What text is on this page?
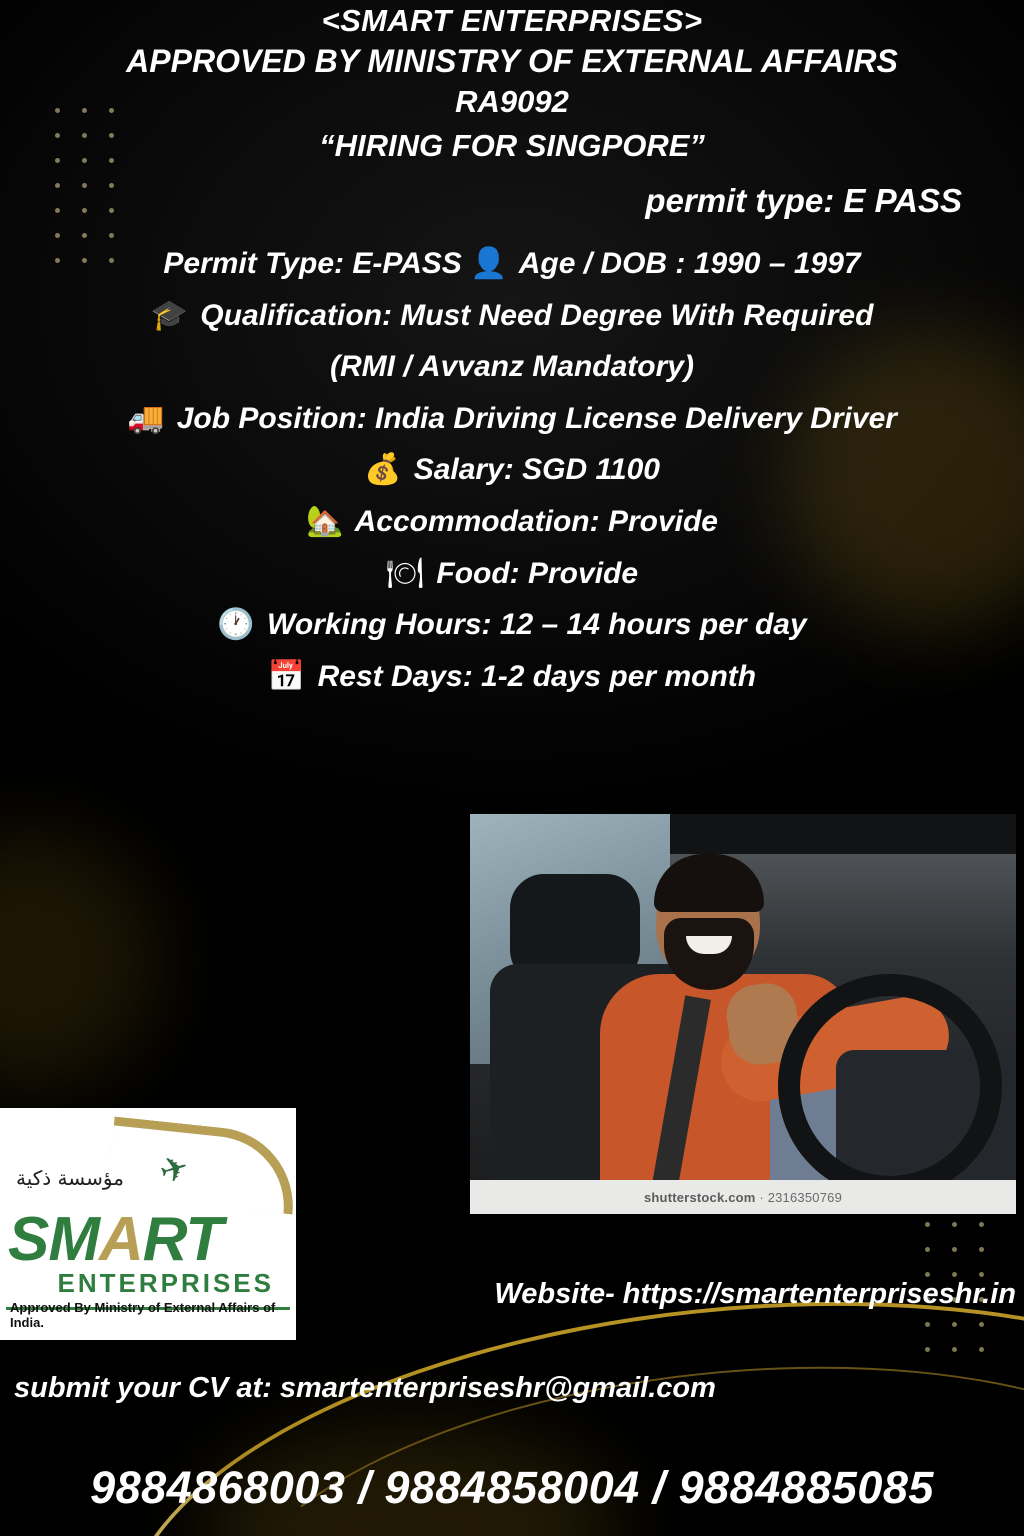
<SMART ENTERPRISES>
APPROVED BY MINISTRY OF EXTERNAL AFFAIRS
RA9092
“HIRING FOR SINGPORE”
permit type: E PASS
Permit Type: E-PASS 👤 Age / DOB : 1990 – 1997
🎓 Qualification: Must Need Degree With Required
(RMI / Avvanz Mandatory)
🚚 Job Position: India Driving License Delivery Driver
💰 Salary: SGD 1100
🏡 Accommodation: Provide
🍽 Food: Provide
🕐 Working Hours: 12 – 14 hours per day
📅 Rest Days: 1-2 days per month
shutterstock.com
· 2316350769
✈
مؤسسة ذكية
SMART
ENTERPRISES
Approved By Ministry of External Affairs of India.
Website- https://smartenterpriseshr.in
submit your CV at: smartenterpriseshr@gmail.com
9884868003 / 9884858004 / 9884885085
